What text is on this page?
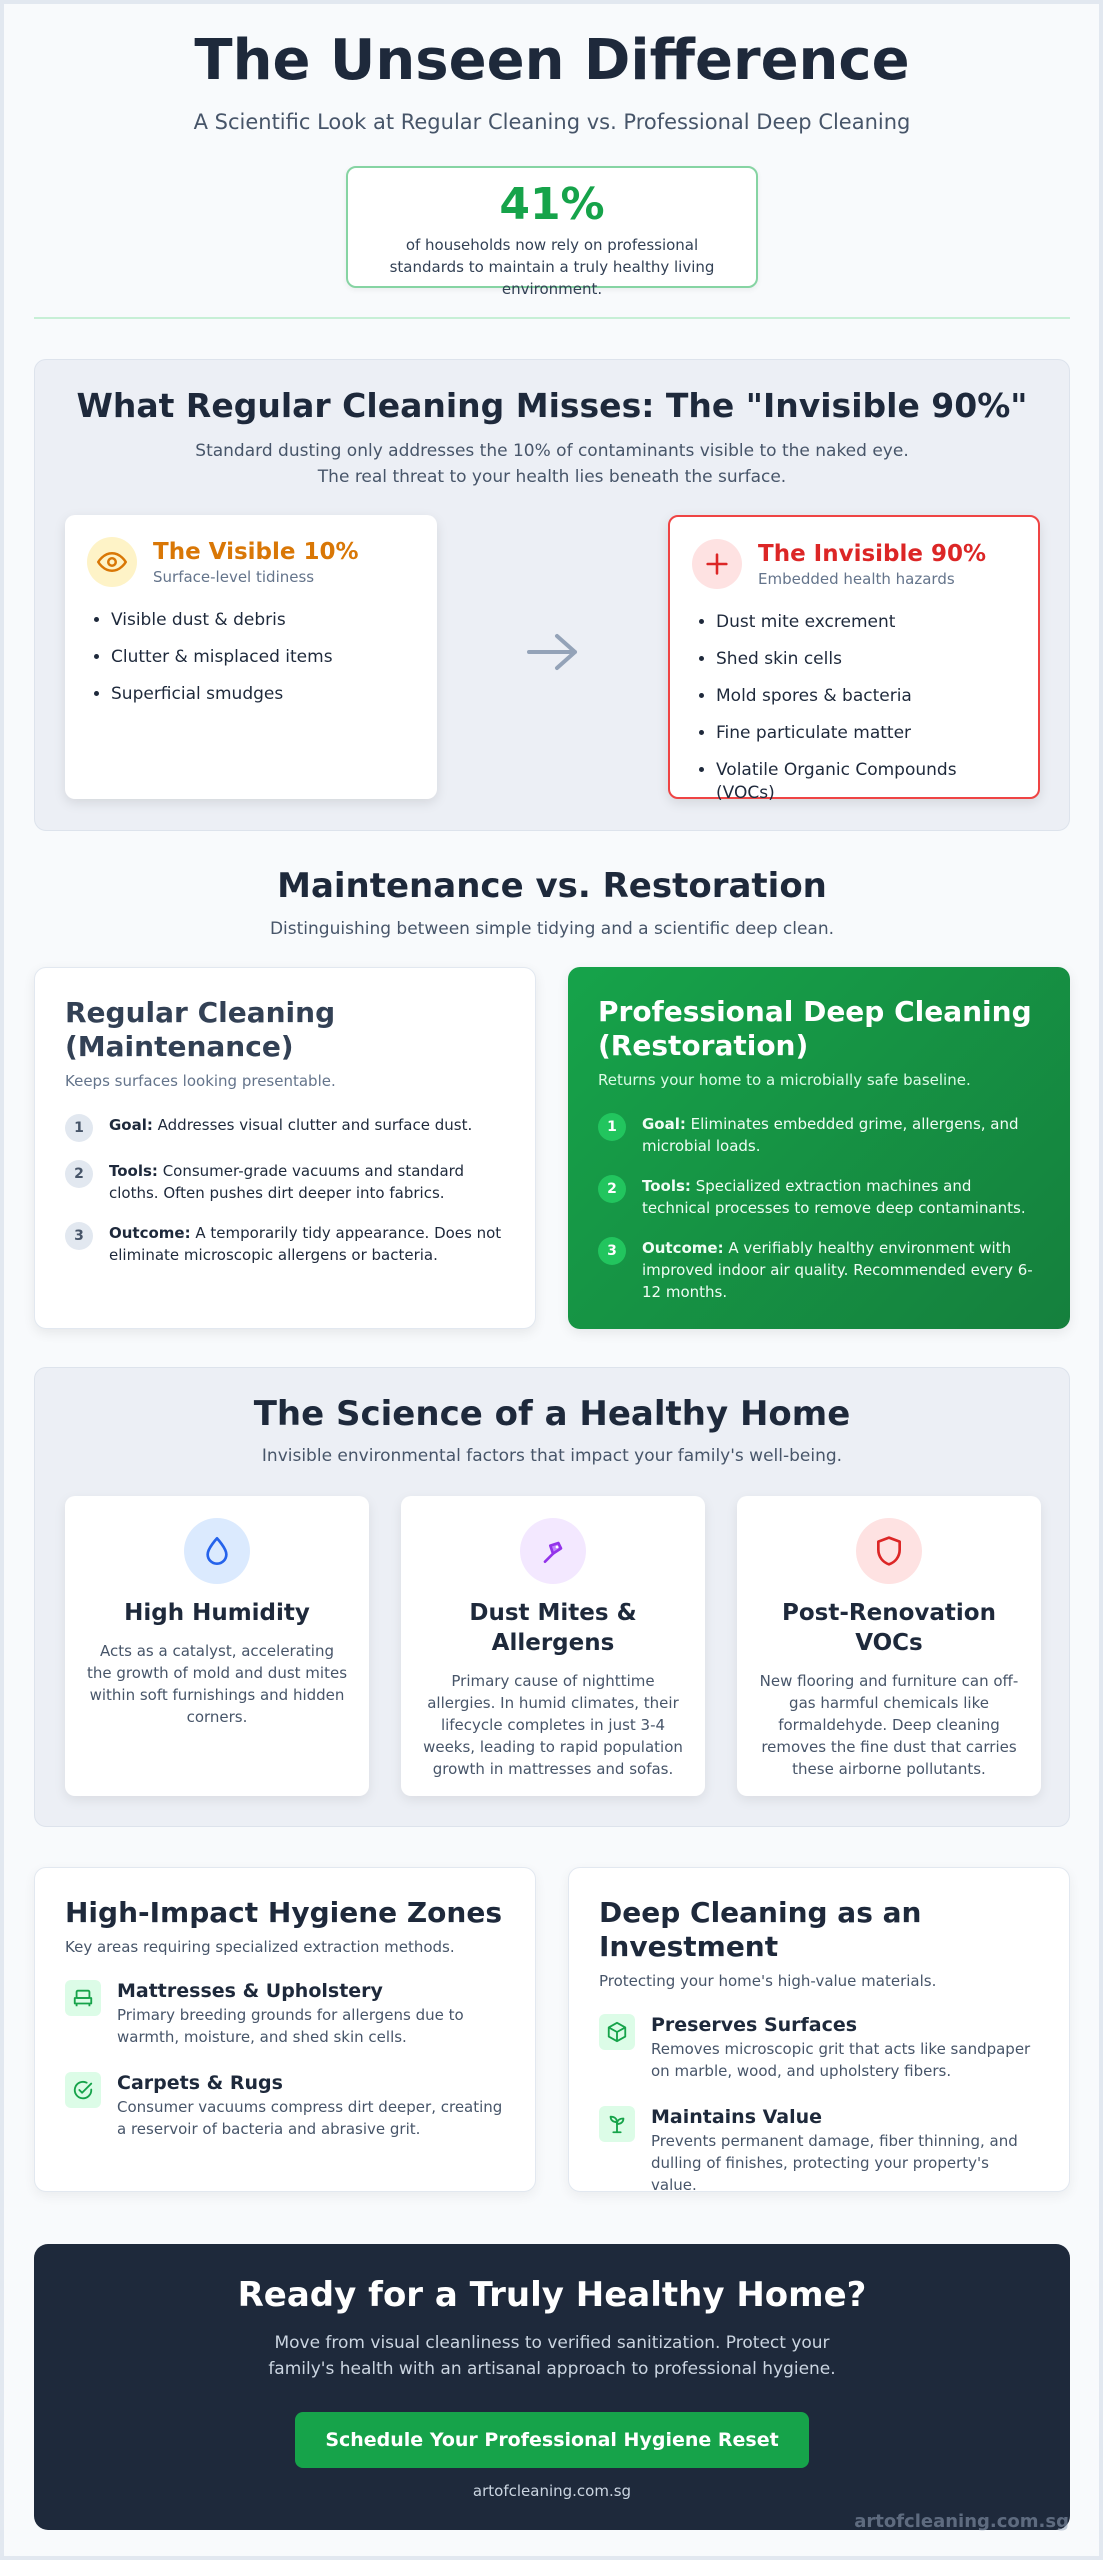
The Unseen Difference
A Scientific Look at Regular Cleaning vs. Professional Deep Cleaning
41%
of households now rely on professional standards to maintain a truly healthy living environment.
What Regular Cleaning Misses: The "Invisible 90%"
Standard dusting only addresses the 10% of contaminants visible to the naked eye.
The real threat to your health lies beneath the surface.
The Visible 10%
Surface-level tidiness
• Visible dust & debris
• Clutter & misplaced items
• Superficial smudges
The Invisible 90%
Embedded health hazards
• Dust mite excrement
• Shed skin cells
• Mold spores & bacteria
• Fine particulate matter
• Volatile Organic Compounds (VOCs)
Maintenance vs. Restoration
Distinguishing between simple tidying and a scientific deep clean.
Regular Cleaning
(Maintenance)
Keeps surfaces looking presentable.
1	Goal: Addresses visual clutter and surface dust.
2	Tools: Consumer-grade vacuums and standard cloths. Often pushes dirt deeper into fabrics.
3	Outcome: A temporarily tidy appearance. Does not eliminate microscopic allergens or bacteria.
Professional Deep Cleaning
(Restoration)
Returns your home to a microbially safe baseline.
1	Goal: Eliminates embedded grime, allergens, and microbial loads.
2	Tools: Specialized extraction machines and technical processes to remove deep contaminants.
3	Outcome: A verifiably healthy environment with improved indoor air quality. Recommended every 6-12 months.
The Science of a Healthy Home
Invisible environmental factors that impact your family's well-being.
High Humidity

Acts as a catalyst, accelerating the growth of mold and dust mites within soft furnishings and hidden corners.

Dust Mites & Allergens

Primary cause of nighttime allergies. In humid climates, their lifecycle completes in just 3-4 weeks, leading to rapid population growth in mattresses and sofas.

Post-Renovation VOCs

New flooring and furniture can off-gas harmful chemicals like formaldehyde. Deep cleaning removes the fine dust that carries these airborne pollutants.

High-Impact Hygiene Zones
Key areas requiring specialized extraction methods.
Mattresses & Upholstery
Primary breeding grounds for allergens due to warmth, moisture, and shed skin cells.
Carpets & Rugs
Consumer vacuums compress dirt deeper, creating a reservoir of bacteria and abrasive grit.
Deep Cleaning as an
Investment
Protecting your home's high-value materials.
Preserves Surfaces
Removes microscopic grit that acts like sandpaper on marble, wood, and upholstery fibers.
Maintains Value
Prevents permanent damage, fiber thinning, and dulling of finishes, protecting your property's value.
Ready for a Truly Healthy Home?
Move from visual cleanliness to verified sanitization. Protect your family's health with an artisanal approach to professional hygiene.
Schedule Your Professional Hygiene Reset
artofcleaning.com.sg
artofcleaning.com.sg
